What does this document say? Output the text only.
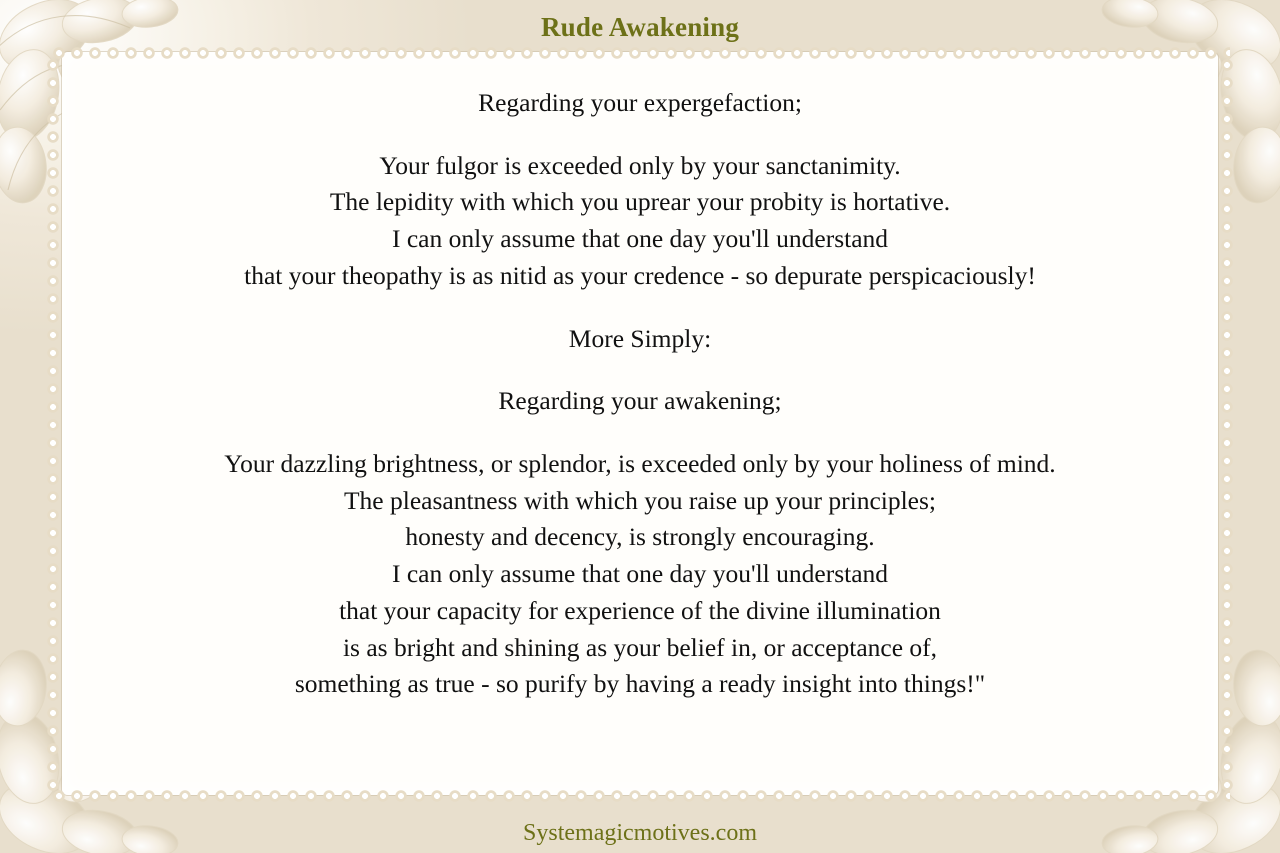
Rude Awakening
Regarding your expergefaction;
Your fulgor is exceeded only by your sanctanimity.
The lepidity with which you uprear your probity is hortative.
I can only assume that one day you'll understand
that your theopathy is as nitid as your credence - so depurate perspicaciously!
More Simply:
Regarding your awakening;
Your dazzling brightness, or splendor, is exceeded only by your holiness of mind.
The pleasantness with which you raise up your principles;
honesty and decency, is strongly encouraging.
I can only assume that one day you'll understand
that your capacity for experience of the divine illumination
is as bright and shining as your belief in, or acceptance of,
something as true - so purify by having a ready insight into things!"
Systemagicmotives.com
